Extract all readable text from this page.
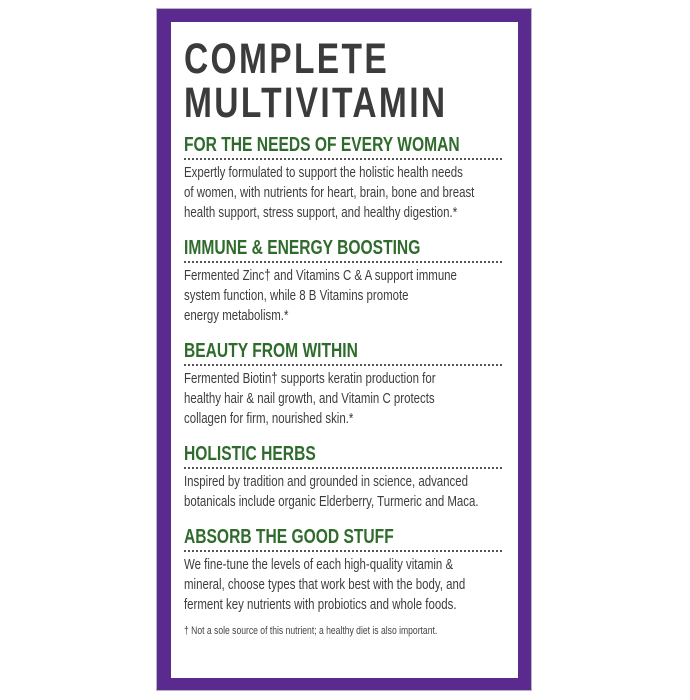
COMPLETE
MULTIVITAMIN
FOR THE NEEDS OF EVERY WOMAN
Expertly formulated to support the holistic health needs
of women, with nutrients for heart, brain, bone and breast
health support, stress support, and healthy digestion.*
IMMUNE & ENERGY BOOSTING
Fermented Zinc† and Vitamins C & A support immune
system function, while 8 B Vitamins promote
energy metabolism.*
BEAUTY FROM WITHIN
Fermented Biotin† supports keratin production for
healthy hair & nail growth, and Vitamin C protects
collagen for firm, nourished skin.*
HOLISTIC HERBS
Inspired by tradition and grounded in science, advanced
botanicals include organic Elderberry, Turmeric and Maca.
ABSORB THE GOOD STUFF
We fine-tune the levels of each high-quality vitamin &
mineral, choose types that work best with the body, and
ferment key nutrients with probiotics and whole foods.
† Not a sole source of this nutrient; a healthy diet is also important.
